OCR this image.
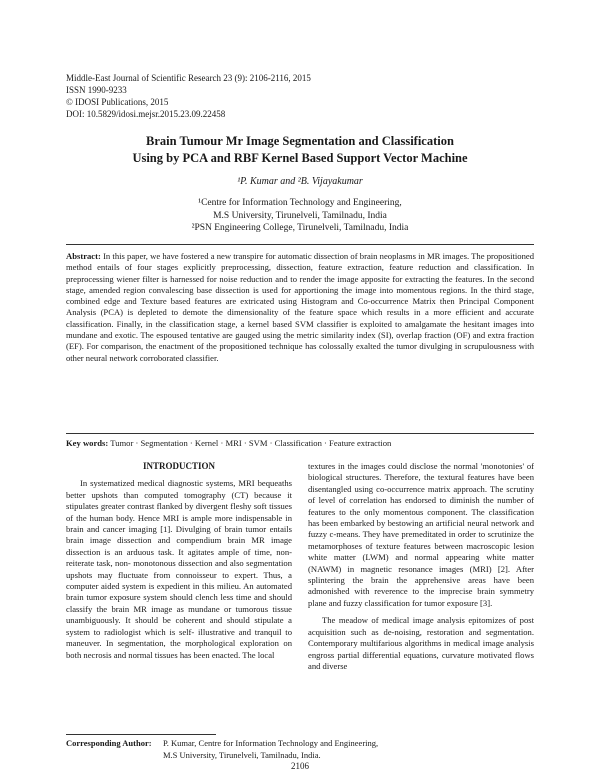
Middle-East Journal of Scientific Research 23 (9): 2106-2116, 2015
ISSN 1990-9233
© IDOSI Publications, 2015
DOI: 10.5829/idosi.mejsr.2015.23.09.22458
Brain Tumour Mr Image Segmentation and Classification
Using by PCA and RBF Kernel Based Support Vector Machine
¹P. Kumar and ²B. Vijayakumar
¹Centre for Information Technology and Engineering,
M.S University, Tirunelveli, Tamilnadu, India
²PSN Engineering College, Tirunelveli, Tamilnadu, India
Abstract: In this paper, we have fostered a new transpire for automatic dissection of brain neoplasms in MR images. The propositioned method entails of four stages explicitly preprocessing, dissection, feature extraction, feature reduction and classification. In preprocessing wiener filter is harnessed for noise reduction and to render the image apposite for extracting the features. In the second stage, amended region convalescing base dissection is used for apportioning the image into momentous regions. In the third stage, combined edge and Texture based features are extricated using Histogram and Co-occurrence Matrix then Principal Component Analysis (PCA) is depleted to demote the dimensionality of the feature space which results in a more efficient and accurate classification. Finally, in the classification stage, a kernel based SVM classifier is exploited to amalgamate the hesitant images into mundane and exotic. The espoused tentative are gauged using the metric similarity index (SI), overlap fraction (OF) and extra fraction (EF). For comparison, the enactment of the propositioned technique has colossally exalted the tumor divulging in scrupulousness with other neural network corroborated classifier.
Key words: Tumor · Segmentation · Kernel · MRI · SVM · Classification · Feature extraction

INTRODUCTION

In systematized medical diagnostic systems, MRI bequeaths better upshots than computed tomography (CT) because it stipulates greater contrast flanked by divergent fleshy soft tissues of the human body. Hence MRI is ample more indispensable in brain and cancer imaging [1]. Divulging of brain tumor entails brain image dissection and compendium brain MR image dissection is an arduous task. It agitates ample of time, non- reiterate task, non- monotonous dissection and also segmentation upshots may fluctuate from connoisseur to expert. Thus, a computer aided system is expedient in this milieu. An automated brain tumor exposure system should clench less time and should classify the brain MR image as mundane or tumorous tissue unambiguously. It should be coherent and should stipulate a system to radiologist which is self- illustrative and tranquil to maneuver. In segmentation, the morphological exploration on both necrosis and normal tissues has been enacted. The local

textures in the images could disclose the normal 'monotonies' of biological structures. Therefore, the textural features have been disentangled using co-occurrence matrix approach. The scrutiny of level of correlation has endorsed to diminish the number of features to the only momentous component. The classification has been embarked by bestowing an artificial neural network and fuzzy c-means. They have premeditated in order to scrutinize the metamorphoses of texture features between macroscopic lesion white matter (LWM) and normal appearing white matter (NAWM) in magnetic resonance images (MRI) [2]. After splintering the brain the apprehensive areas have been admonished with reverence to the imprecise brain symmetry plane and fuzzy classification for tumor exposure [3].

The meadow of medical image analysis epitomizes of post acquisition such as de-noising, restoration and segmentation. Contemporary multifarious algorithms in medical image analysis engross partial differential equations, curvature motivated flows and diverse

Corresponding Author: P. Kumar, Centre for Information Technology and Engineering,
M.S University, Tirunelveli, Tamilnadu, India.
2106
